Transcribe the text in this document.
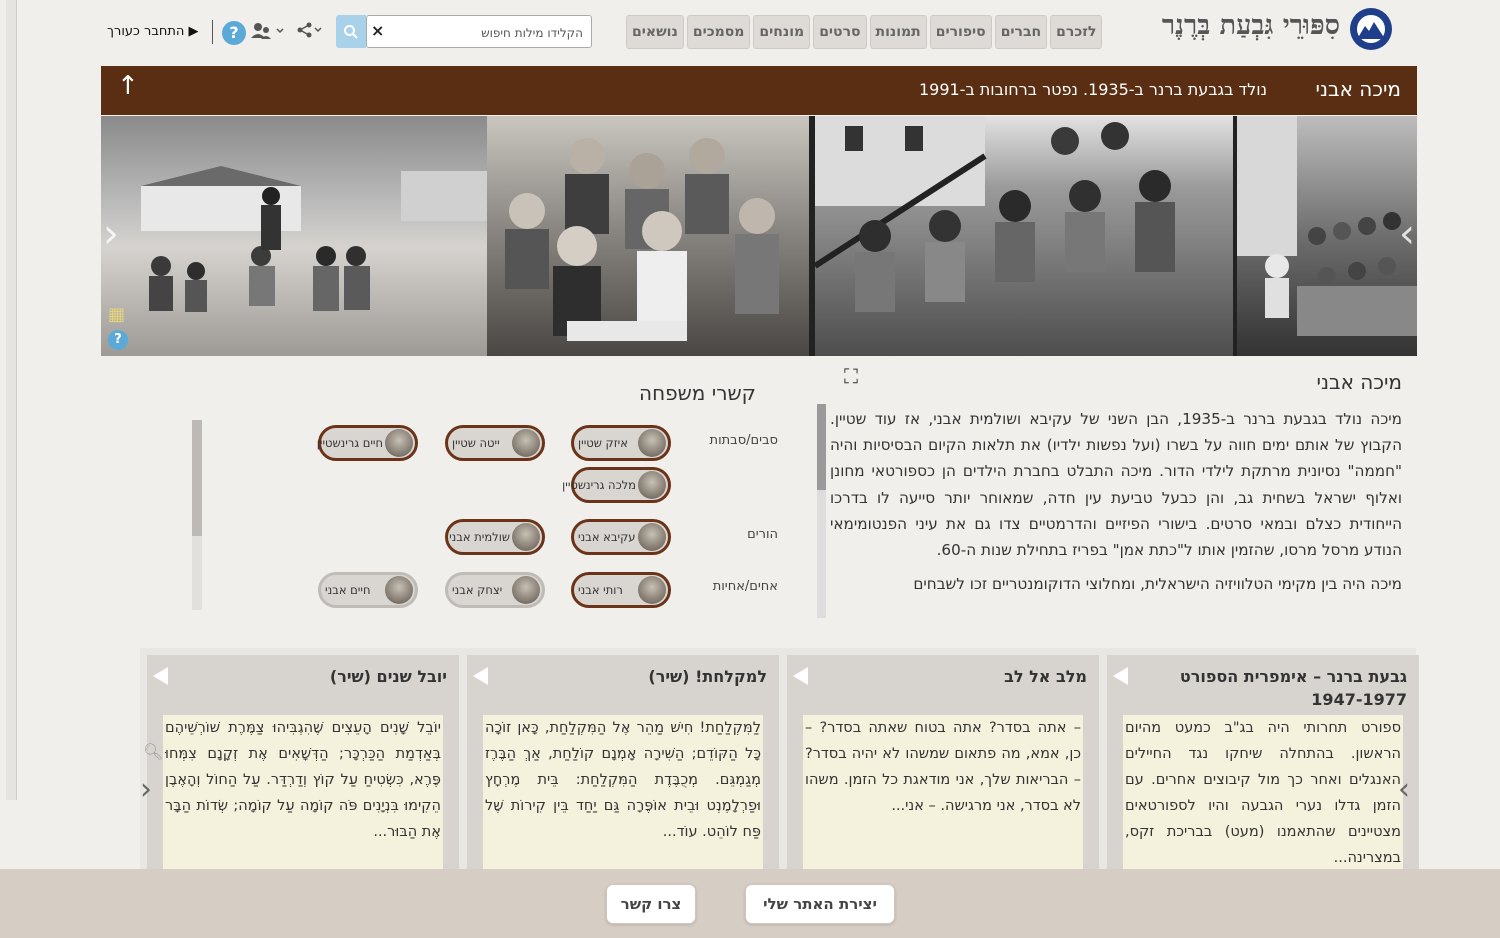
סִפּוּרֵי גִּבְעַת בְּרֶנֶר
נושאים	מסמכים	מונחים	סרטים	תמונות	סיפורים	חברים	לזכרם
הקלידו מילות חיפוש
×
?
▶ התחבר כעורך
מיכה אבני
נולד בגבעת ברנר ב-1935. נפטר ברחובות ב-1991
↑
‹	›
▦
?
מיכה אבני
⛶
מיכה נולד בגבעת ברנר ב-1935, הבן השני של עקיבא ושולמית אבני, אז עוד שטיין. הקבוץ של אותם ימים חווה על בשרו (ועל נפשות ילדיו) את תלאות הקיום הבסיסיות והיה "חממה" נסיונית מרתקת לילדי הדור. מיכה התבלט בחברת הילדים הן כספורטאי מחונן ואלוף ישראל בשחית גב, והן כבעל טביעת עין חדה, שמאוחר יותר סייעה לו בדרכו הייחודית כצלם ובמאי סרטים. בישורי הפיזיים והדרמטיים צדו גם את עיני הפנטומימאי הנודע מרסל מרסו, שהזמין אותו ל"כתת אמן" בפריז בתחילת שנות ה-60.
מיכה היה בין מקימי הטלוויזיה הישראלית, ומחלוצי הדוקומנטריים זכו לשבחים
קשרי משפחה
סבים/סבתות
איזק שטיין
ייטה שטיין
חיים גרינשטיין
מלכה גרינשטיין
הורים
עקיבא אבני
שולמית אבני
אחים/אחיות
רותי אבני
יצחק אבני
חיים אבני
גבעת ברנר – אימפרית הספורט 1947-1977
ספורט תחרותי היה בג"ב כמעט מהיום הראשון. בהתחלה שיחקו נגד החיילים האנגלים ואחר כך מול קיבוצים אחרים. עם הזמן גדלו נערי הגבעה והיו לספורטאים מצטיינים שהתאמנו (מעט) בבריכת זקס, במצרינה...
מלב אל לב
– אתה בסדר? אתה בטוח שאתה בסדר? – כן, אמא, מה פתאום שמשהו לא יהיה בסדר? – הבריאות שלך, אני מודאגת כל הזמן. משהו לא בסדר, אני מרגישה. – אני...
למקלחת! (שיר)
לַמִּקְלַחַת! חִישׁ מַהֵר אֶל הַמִּקְלַחַת, כָּאן זוֹכָה כָּל הַקּוֹדֵם; הַשִּׁירָה אָמְנָם קוֹלַחַת, אַךְ הַבֶּרֶז מְגַמְגֵּם. מְכֻבֶּדֶת הַמִּקְלַחַת: בֵּית מֶרְחָץ וּפַרְלָמֶנְט וּבֵית אוֹפֶּרָה גַּם יַחַד בֵּין קִירוֹת שֶׁל פַּח לוֹהֵט. עוֹד...
יובל שנים (שיר)
יוֹבֵל שָׁנִים הָעֵצִים שֶׁהִגְבִּיהוּ צַמֶּרֶת שׁוֹרְשֵׁיהֶם בְּאַדְמַת הַכַּרְכָּר; הַדְּשָׁאִים אֶת זְקָנָם צִמְּחוּ פֶּרֶא, כִּשְׂטִיחַ עַל קוֹץ וְדַרְדַּר. עַל הַחוֹל וְהָאֶבֶן הֵקִימוּ בִּנְיָנִים פֹּה קוֹמָה עַל קוֹמָה; שְׂדוֹת הַבָּר אֶת הַבּוּר...
‹	›
🔍︎
יצירת האתר שלי
צרו קשר
